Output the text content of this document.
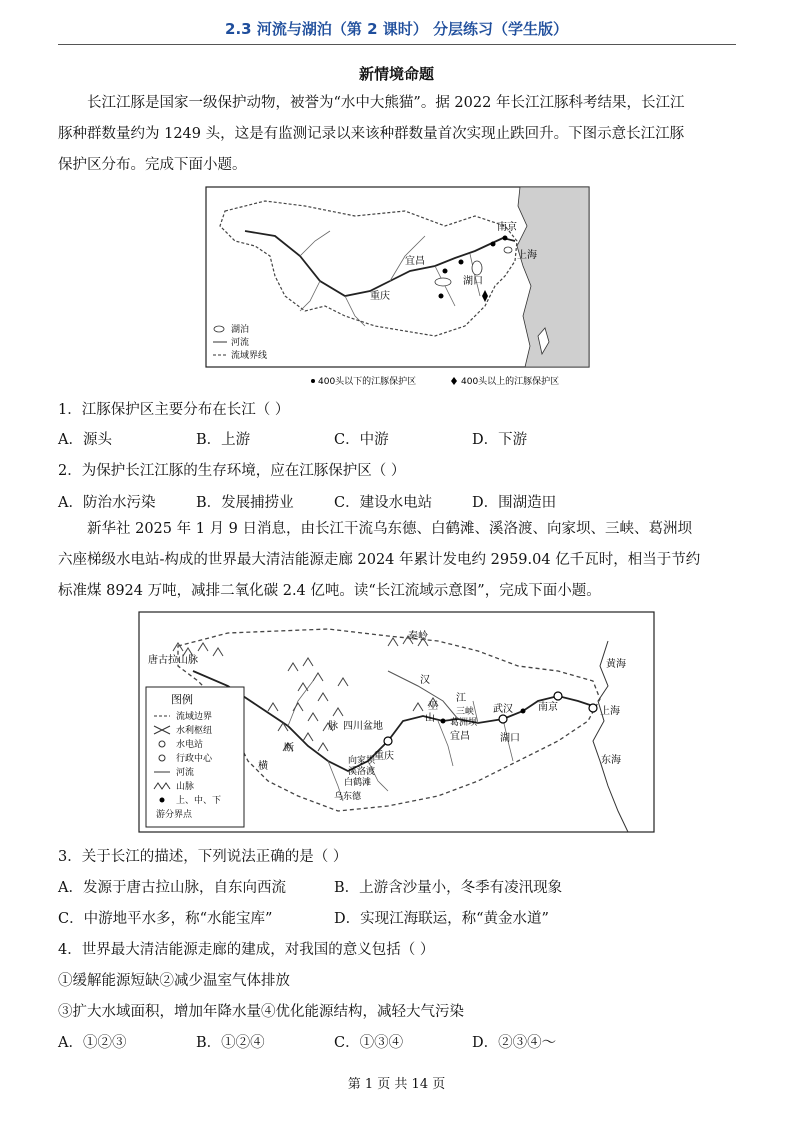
2.3 河流与湖泊（第 2 课时） 分层练习（学生版）
新情境命题
长江江豚是国家一级保护动物，被誉为“水中大熊猫”。据 2022 年长江江豚科考结果，长江江
豚种群数量约为 1249 头，这是有监测记录以来该种群数量首次实现止跌回升。下图示意长江江豚
保护区分布。完成下面小题。
南京
上海
宜昌
重庆
湖口
湖泊
河流
流域界线
400头以下的江豚保护区	400头以上的江豚保护区
1．江豚保护区主要分布在长江（ ）
A．源头	B．上游	C．中游	D．下游
2．为保护长江江豚的生存环境，应在江豚保护区（ ）
A．防治水污染	B．发展捕捞业	C．建设水电站	D．围湖造田
新华社 2025 年 1 月 9 日消息，由长江干流乌东德、白鹤滩、溪洛渡、向家坝、三峡、葛洲坝
六座梯级水电站-构成的世界最大清洁能源走廊 2024 年累计发电约 2959.04 亿千瓦时，相当于节约
标准煤 8924 万吨，减排二氧化碳 2.4 亿吨。读“长江流域示意图”，完成下面小题。
秦岭
唐古拉山脉
汉
黄海
东海
上海
南京
武汉
湖口
宜昌
重庆
四川盆地
江
巫
山
脉
三峡
葛洲坝
向家坝
溪洛渡
白鹤滩
乌东德
横
断
图例
流域边界
水利枢纽
水电站
行政中心
河流
山脉
上、中、下
游分界点
3．关于长江的描述，下列说法正确的是（ ）
A．发源于唐古拉山脉，自东向西流	B．上游含沙量小，冬季有凌汛现象
C．中游地平水多，称“水能宝库”	D．实现江海联运，称“黄金水道”
4．世界最大清洁能源走廊的建成，对我国的意义包括（ ）
①缓解能源短缺②减少温室气体排放
③扩大水域面积，增加年降水量④优化能源结构，减轻大气污染
A．①②③	B．①②④	C．①③④	D．②③④～
第 1 页 共 14 页
